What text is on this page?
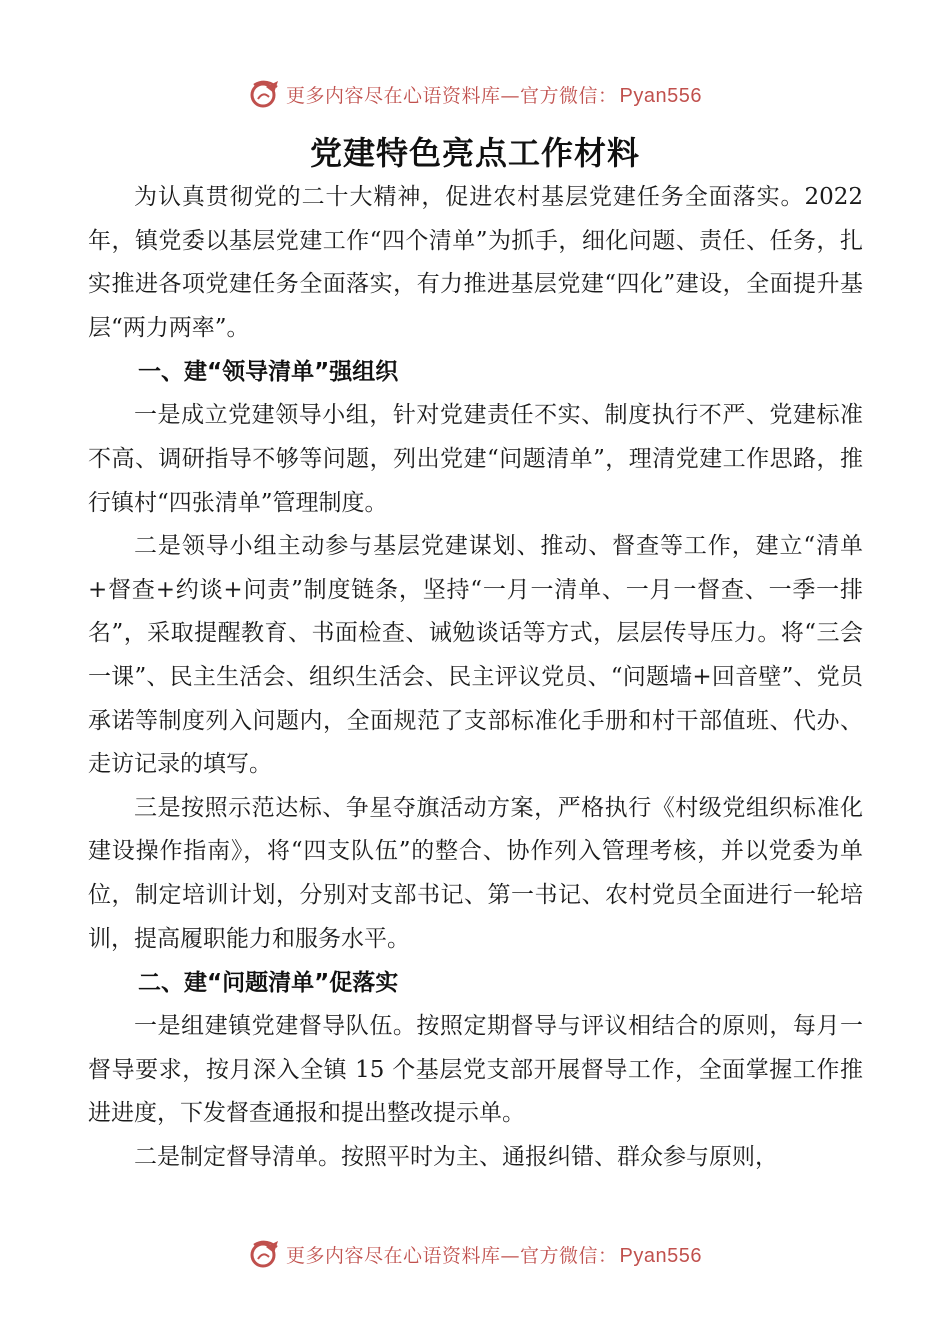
更多内容尽在心语资料库—官方微信： Pyan556
党建特色亮点工作材料

为认真贯彻党的二十大精神，促进农村基层党建任务全面落实。2022 年，镇党委以基层党建工作“四个清单”为抓手，细化问题、责任、任务，扎实推进各项党建任务全面落实，有力推进基层党建“四化”建设，全面提升基层“两力两率”。

一、建“领导清单”强组织

一是成立党建领导小组，针对党建责任不实、制度执行不严、党建标准不高、调研指导不够等问题，列出党建“问题清单”，理清党建工作思路，推行镇村“四张清单”管理制度。

二是领导小组主动参与基层党建谋划、推动、督查等工作，建立“清单+督查+约谈+问责”制度链条，坚持“一月一清单、一月一督查、一季一排名”，采取提醒教育、书面检查、诫勉谈话等方式，层层传导压力。将“三会一课”、民主生活会、组织生活会、民主评议党员、“问题墙+回音壁”、党员承诺等制度列入问题内，全面规范了支部标准化手册和村干部值班、代办、走访记录的填写。

三是按照示范达标、争星夺旗活动方案，严格执行《村级党组织标准化建设操作指南》，将“四支队伍”的整合、协作列入管理考核，并以党委为单位，制定培训计划，分别对支部书记、第一书记、农村党员全面进行一轮培训，提高履职能力和服务水平。

二、建“问题清单”促落实

一是组建镇党建督导队伍。按照定期督导与评议相结合的原则，每月一督导要求，按月深入全镇 15 个基层党支部开展督导工作，全面掌握工作推进进度，下发督查通报和提出整改提示单。

二是制定督导清单。按照平时为主、通报纠错、群众参与原则，

更多内容尽在心语资料库—官方微信： Pyan556
